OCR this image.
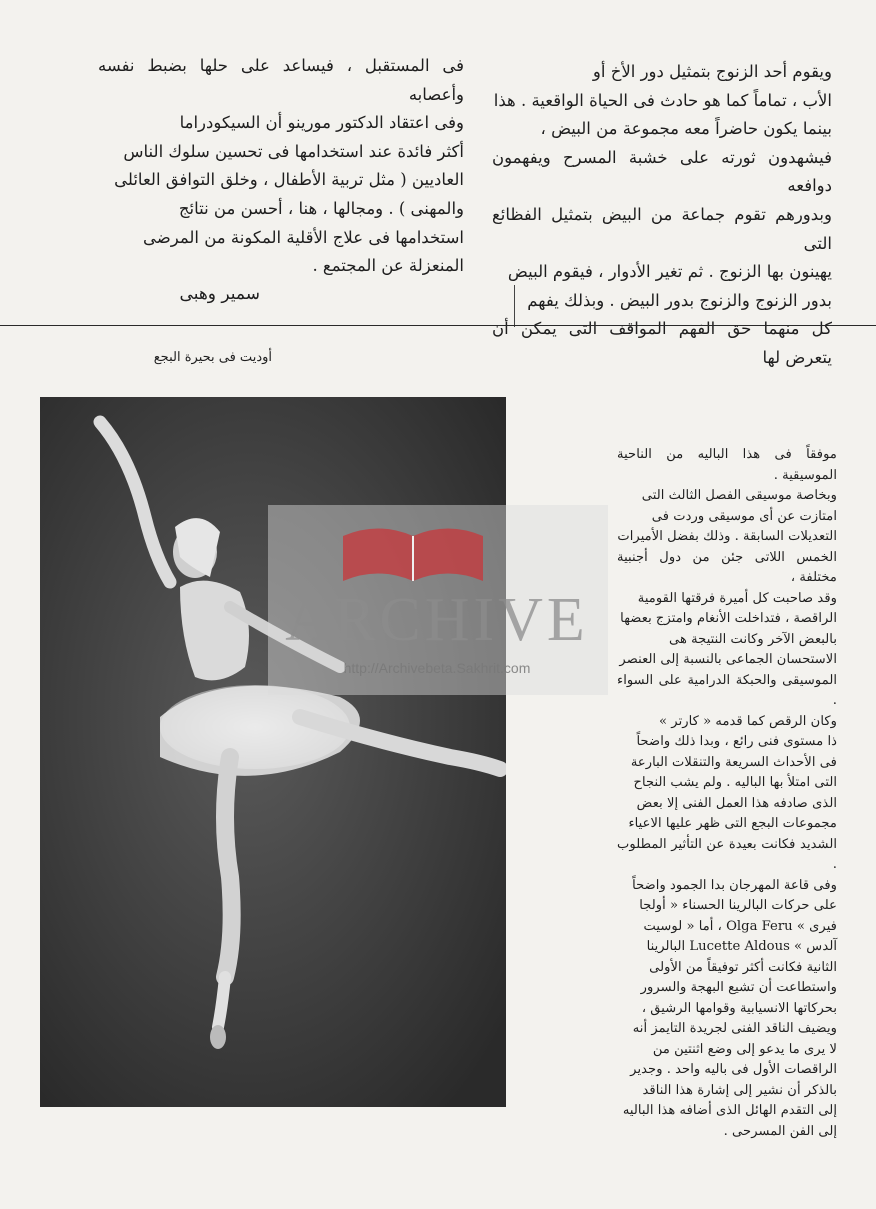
ويقوم أحد الزنوج بتمثيل دور الأخ أو

الأب ، تماماً كما هو حادث فى الحياة الواقعية . هذا

بينما يكون حاضراً معه مجموعة من البيض ،

فيشهدون ثورته على خشبة المسرح ويفهمون دوافعه

وبدورهم تقوم جماعة من البيض بتمثيل الفظائع التى

يهينون بها الزنوج . ثم تغير الأدوار ، فيقوم البيض

بدور الزنوج والزنوج بدور البيض . وبذلك يفهم

كل منهما حق الفهم المواقف التى يمكن أن يتعرض لها

فى المستقبل ، فيساعد على حلها بضبط نفسه وأعصابه

وفى اعتقاد الدكتور مورينو أن السيكودراما

أكثر فائدة عند استخدامها فى تحسين سلوك الناس

العاديين ( مثل تربية الأطفال ، وخلق التوافق العائلى

والمهنى ) . ومجالها ، هنا ، أحسن من نتائج

استخدامها فى علاج الأقلية المكونة من المرضى

المنعزلة عن المجتمع .

سمير وهبى
أوديت فى بحيرة البجع
ARCHIVE
http://Archivebeta.Sakhrit.com

موفقاً فى هذا الباليه من الناحية الموسيقية .

وبخاصة موسيقى الفصل الثالث التى

امتازت عن أى موسيقى وردت فى

التعديلات السابقة . وذلك بفضل الأميرات

الخمس اللاتى جئن من دول أجنبية مختلفة ،

وقد صاحبت كل أميرة فرقتها القومية

الراقصة ، فتداخلت الأنغام وامتزج بعضها

بالبعض الآخر وكانت النتيجة هى

الاستحسان الجماعى بالنسبة إلى العنصر

الموسيقى والحبكة الدرامية على السواء .

وكان الرقص كما قدمه « كارتر »

ذا مستوى فنى رائع ، وبدا ذلك واضحاً

فى الأحداث السريعة والتنقلات البارعة

التى امتلأ بها الباليه . ولم يشب النجاح

الذى صادفه هذا العمل الفنى إلا بعض

مجموعات البجع التى ظهر عليها الاعياء

الشديد فكانت بعيدة عن التأثير المطلوب .

وفى قاعة المهرجان بدا الجمود واضحاً

على حركات البالرينا الحسناء « أولجا

فيرى » Olga Feru ، أما « لوسيت

آلدس » Lucette Aldous البالرينا

الثانية فكانت أكثر توفيقاً من الأولى

واستطاعت أن تشيع البهجة والسرور

بحركاتها الانسيابية وقوامها الرشيق ،

ويضيف الناقد الفنى لجريدة التايمز أنه

لا يرى ما يدعو إلى وضع اثنتين من

الراقصات الأول فى باليه واحد . وجدير

بالذكر أن نشير إلى إشارة هذا الناقد

إلى التقدم الهائل الذى أضافه هذا الباليه

إلى الفن المسرحى .
